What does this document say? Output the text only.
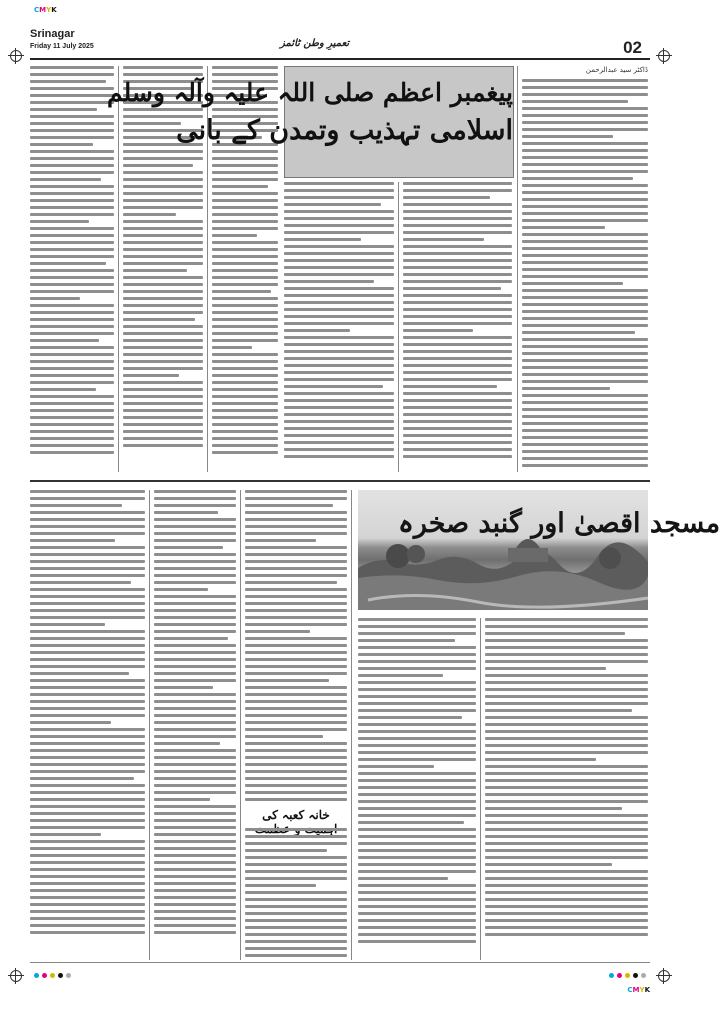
CMYK
CMYK
Srinagar
Friday 11 July 2025	تعمیرِ وطن ٹائمز	02
پیغمبر اعظم صلی اللہ علیہ وآلہ وسلم
اسلامی تہذیب وتمدن کے بانی
ڈاکٹر سید عبدالرحمن
خانہ کعبہ کی
مسجد اقصیٰ اور گنبد صخرہ
